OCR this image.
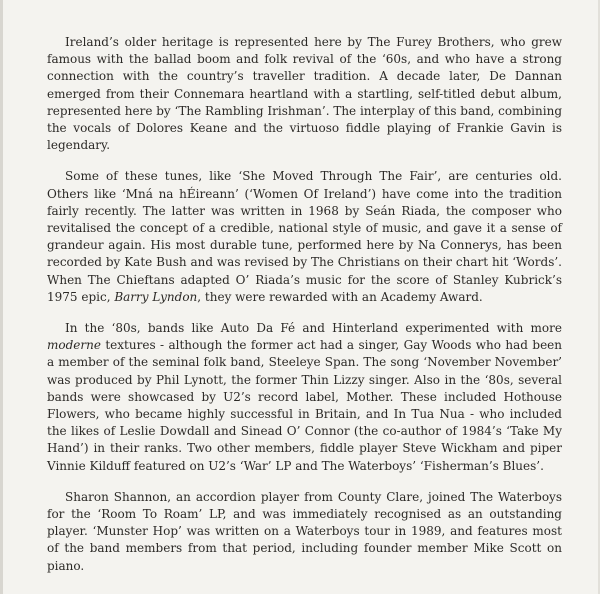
Ireland’s older heritage is represented here by The Furey Brothers, who grew famous with the ballad boom and folk revival of the ‘60s, and who have a strong connection with the country’s traveller tradition. A decade later, De Dannan emerged from their Connemara heartland with a startling, self-titled debut album, represented here by ‘The Rambling Irishman’. The interplay of this band, combining the vocals of Dolores Keane and the virtuoso fiddle playing of Frankie Gavin is legendary.

Some of these tunes, like ‘She Moved Through The Fair’, are centuries old. Others like ‘Mná na hÉireann’ (‘Women Of Ireland’) have come into the tradition fairly recently. The latter was written in 1968 by Seán Riada, the composer who revitalised the concept of a credible, national style of music, and gave it a sense of grandeur again. His most durable tune, performed here by Na Connerys, has been recorded by Kate Bush and was revised by The Christians on their chart hit ‘Words’. When The Chieftans adapted O’ Riada’s music for the score of Stanley Kubrick’s 1975 epic, Barry Lyndon, they were rewarded with an Academy Award.

In the ‘80s, bands like Auto Da Fé and Hinterland experimented with more moderne textures - although the former act had a singer, Gay Woods who had been a member of the seminal folk band, Steeleye Span. The song ‘November November’ was produced by Phil Lynott, the former Thin Lizzy singer. Also in the ‘80s, several bands were showcased by U2’s record label, Mother. These included Hothouse Flowers, who became highly successful in Britain, and In Tua Nua - who included the likes of Leslie Dowdall and Sinead O’ Connor (the co-author of 1984’s ‘Take My Hand’) in their ranks. Two other members, fiddle player Steve Wickham and piper Vinnie Kilduff featured on U2’s ‘War’ LP and The Waterboys’ ‘Fisherman’s Blues’.

Sharon Shannon, an accordion player from County Clare, joined The Waterboys for the ‘Room To Roam’ LP, and was immediately recognised as an outstanding player. ‘Munster Hop’ was written on a Waterboys tour in 1989, and features most of the band members from that period, including founder member Mike Scott on piano.
